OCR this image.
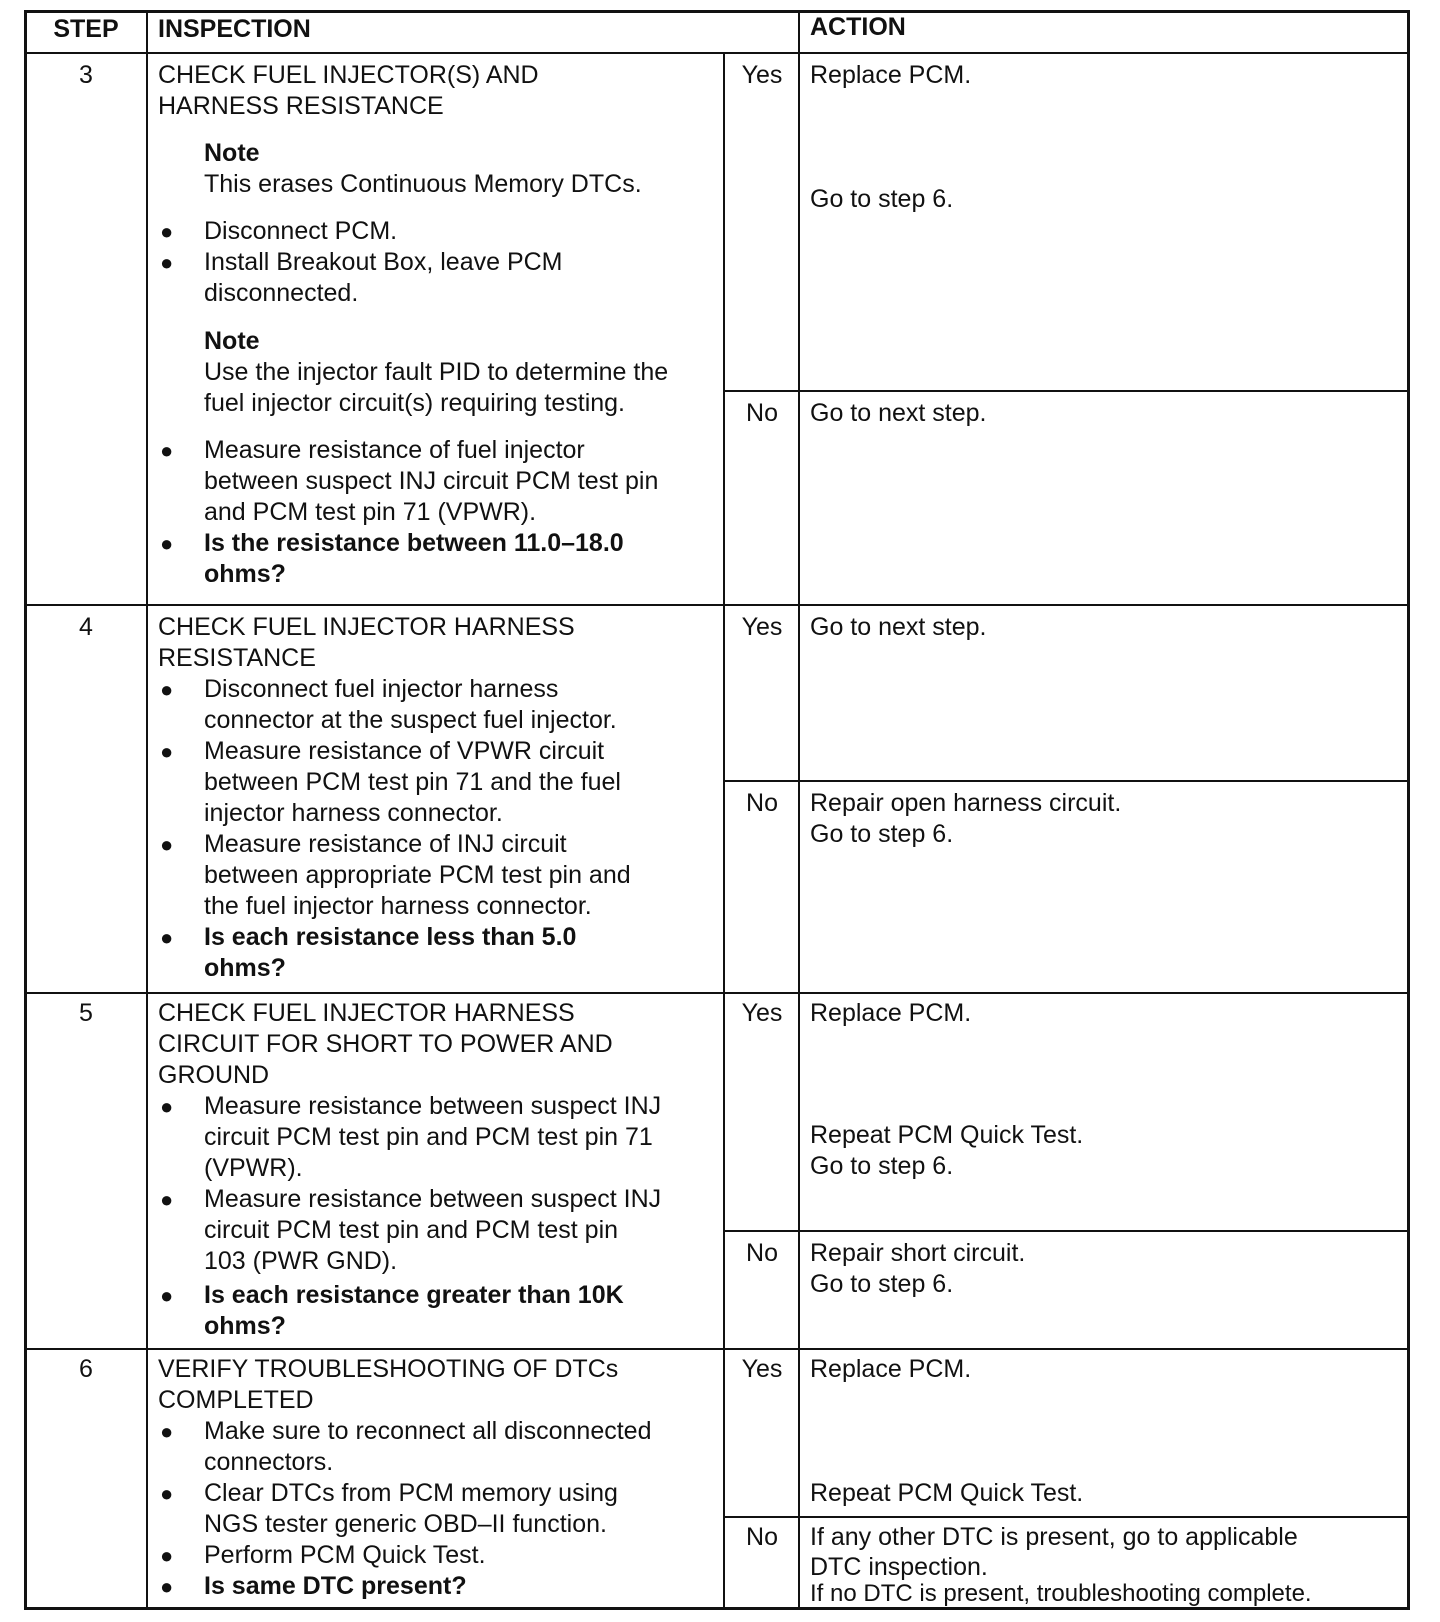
STEP	INSPECTION	ACTION
3	CHECK FUEL INJECTOR(S) AND
HARNESS RESISTANCE
Note
This erases Continuous Memory DTCs.
● Disconnect PCM.
● Install Breakout Box, leave PCM
disconnected.
Note
Use the injector fault PID to determine the
fuel injector circuit(s) requiring testing.
● Measure resistance of fuel injector
between suspect INJ circuit PCM test pin
and PCM test pin 71 (VPWR).
● Is the resistance between 11.0–18.0
ohms?
Yes	Replace PCM.
Go to step 6.
No	Go to next step.
4	CHECK FUEL INJECTOR HARNESS
RESISTANCE
● Disconnect fuel injector harness
connector at the suspect fuel injector.
● Measure resistance of VPWR circuit
between PCM test pin 71 and the fuel
injector harness connector.
● Measure resistance of INJ circuit
between appropriate PCM test pin and
the fuel injector harness connector.
● Is each resistance less than 5.0
ohms?
Yes	Go to next step.
No	Repair open harness circuit.
Go to step 6.
5	CHECK FUEL INJECTOR HARNESS
CIRCUIT FOR SHORT TO POWER AND
GROUND
● Measure resistance between suspect INJ
circuit PCM test pin and PCM test pin 71
(VPWR).
● Measure resistance between suspect INJ
circuit PCM test pin and PCM test pin
103 (PWR GND).
● Is each resistance greater than 10K
ohms?
Yes	Replace PCM.
Repeat PCM Quick Test.
Go to step 6.
No	Repair short circuit.
Go to step 6.
6	VERIFY TROUBLESHOOTING OF DTCs
COMPLETED
● Make sure to reconnect all disconnected
connectors.
● Clear DTCs from PCM memory using
NGS tester generic OBD–II function.
● Perform PCM Quick Test.
● Is same DTC present?
Yes	Replace PCM.
Repeat PCM Quick Test.
No	If any other DTC is present, go to applicable
DTC inspection.
If no DTC is present, troubleshooting complete.
